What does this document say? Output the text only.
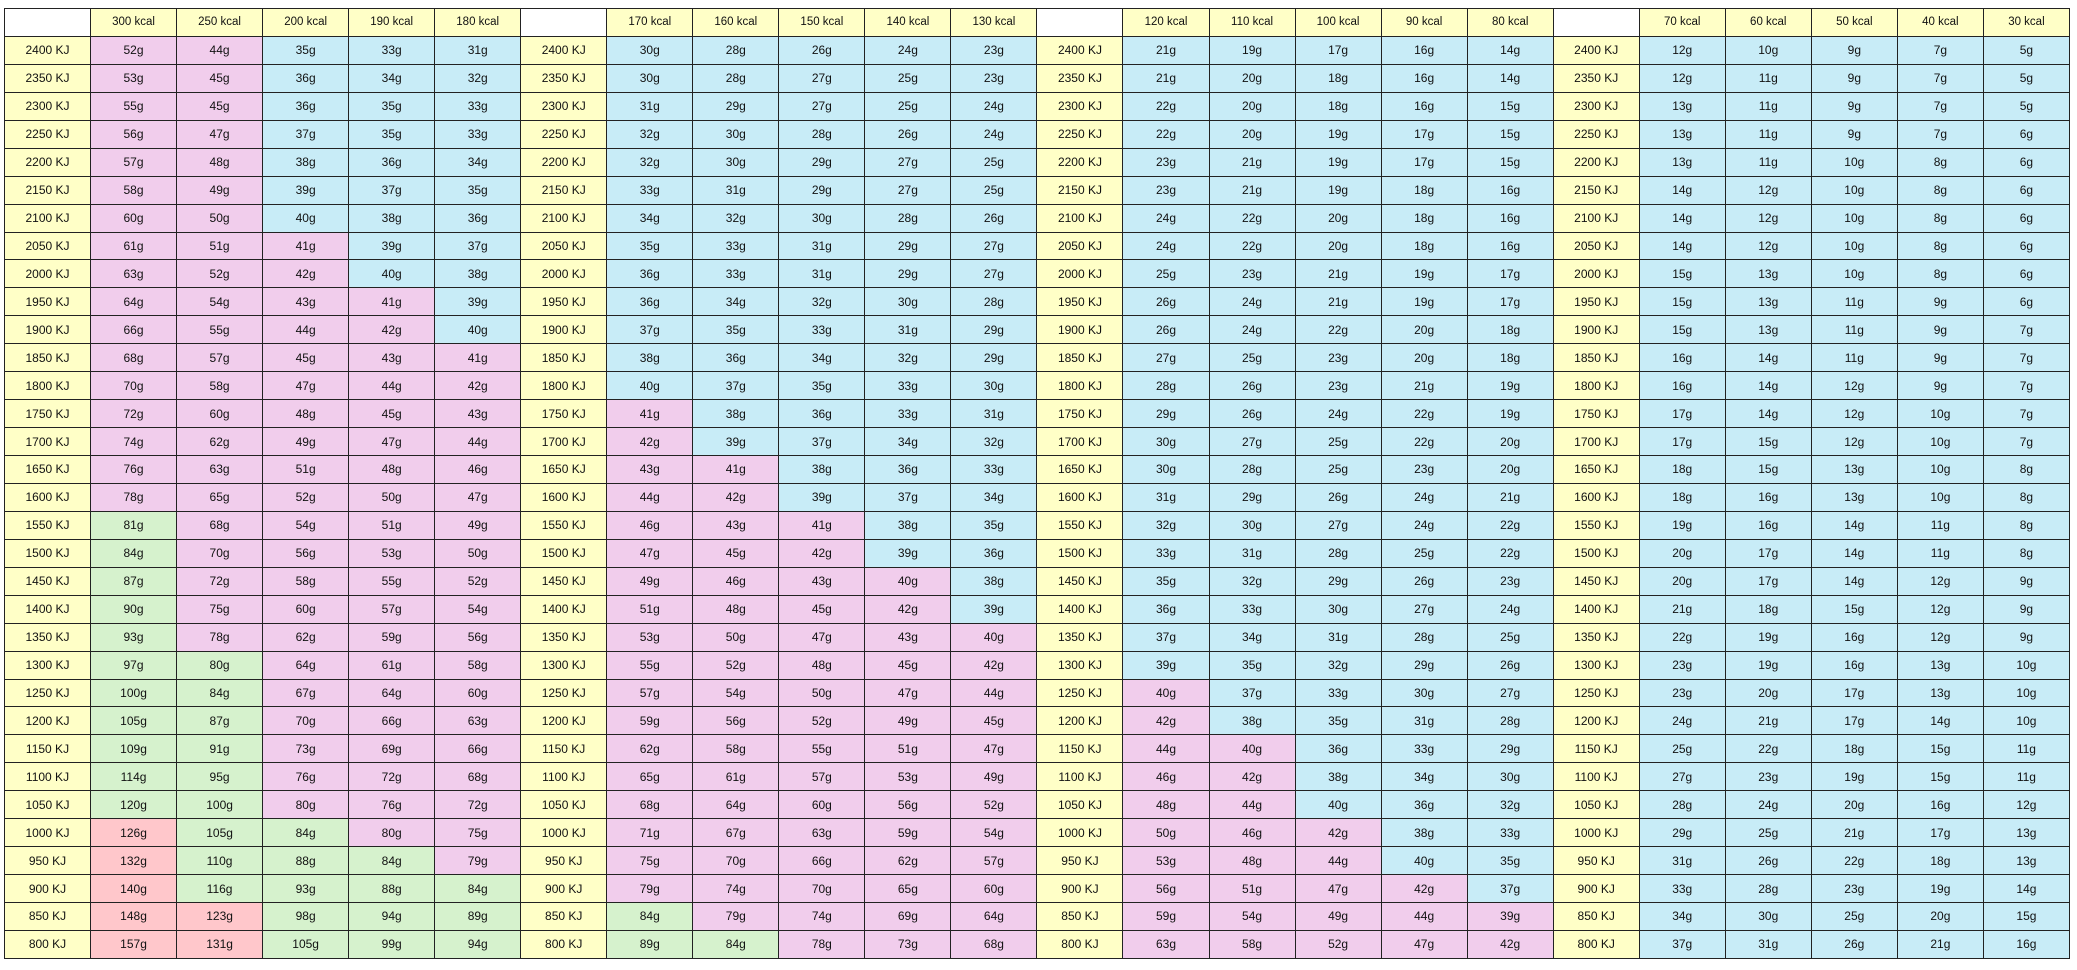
	300 kcal	250 kcal	200 kcal	190 kcal	180 kcal		170 kcal	160 kcal	150 kcal	140 kcal	130 kcal		120 kcal	110 kcal	100 kcal	90 kcal	80 kcal		70 kcal	60 kcal	50 kcal	40 kcal	30 kcal
2400 KJ	52g	44g	35g	33g	31g	2400 KJ	30g	28g	26g	24g	23g	2400 KJ	21g	19g	17g	16g	14g	2400 KJ	12g	10g	9g	7g	5g
2350 KJ	53g	45g	36g	34g	32g	2350 KJ	30g	28g	27g	25g	23g	2350 KJ	21g	20g	18g	16g	14g	2350 KJ	12g	11g	9g	7g	5g
2300 KJ	55g	45g	36g	35g	33g	2300 KJ	31g	29g	27g	25g	24g	2300 KJ	22g	20g	18g	16g	15g	2300 KJ	13g	11g	9g	7g	5g
2250 KJ	56g	47g	37g	35g	33g	2250 KJ	32g	30g	28g	26g	24g	2250 KJ	22g	20g	19g	17g	15g	2250 KJ	13g	11g	9g	7g	6g
2200 KJ	57g	48g	38g	36g	34g	2200 KJ	32g	30g	29g	27g	25g	2200 KJ	23g	21g	19g	17g	15g	2200 KJ	13g	11g	10g	8g	6g
2150 KJ	58g	49g	39g	37g	35g	2150 KJ	33g	31g	29g	27g	25g	2150 KJ	23g	21g	19g	18g	16g	2150 KJ	14g	12g	10g	8g	6g
2100 KJ	60g	50g	40g	38g	36g	2100 KJ	34g	32g	30g	28g	26g	2100 KJ	24g	22g	20g	18g	16g	2100 KJ	14g	12g	10g	8g	6g
2050 KJ	61g	51g	41g	39g	37g	2050 KJ	35g	33g	31g	29g	27g	2050 KJ	24g	22g	20g	18g	16g	2050 KJ	14g	12g	10g	8g	6g
2000 KJ	63g	52g	42g	40g	38g	2000 KJ	36g	33g	31g	29g	27g	2000 KJ	25g	23g	21g	19g	17g	2000 KJ	15g	13g	10g	8g	6g
1950 KJ	64g	54g	43g	41g	39g	1950 KJ	36g	34g	32g	30g	28g	1950 KJ	26g	24g	21g	19g	17g	1950 KJ	15g	13g	11g	9g	6g
1900 KJ	66g	55g	44g	42g	40g	1900 KJ	37g	35g	33g	31g	29g	1900 KJ	26g	24g	22g	20g	18g	1900 KJ	15g	13g	11g	9g	7g
1850 KJ	68g	57g	45g	43g	41g	1850 KJ	38g	36g	34g	32g	29g	1850 KJ	27g	25g	23g	20g	18g	1850 KJ	16g	14g	11g	9g	7g
1800 KJ	70g	58g	47g	44g	42g	1800 KJ	40g	37g	35g	33g	30g	1800 KJ	28g	26g	23g	21g	19g	1800 KJ	16g	14g	12g	9g	7g
1750 KJ	72g	60g	48g	45g	43g	1750 KJ	41g	38g	36g	33g	31g	1750 KJ	29g	26g	24g	22g	19g	1750 KJ	17g	14g	12g	10g	7g
1700 KJ	74g	62g	49g	47g	44g	1700 KJ	42g	39g	37g	34g	32g	1700 KJ	30g	27g	25g	22g	20g	1700 KJ	17g	15g	12g	10g	7g
1650 KJ	76g	63g	51g	48g	46g	1650 KJ	43g	41g	38g	36g	33g	1650 KJ	30g	28g	25g	23g	20g	1650 KJ	18g	15g	13g	10g	8g
1600 KJ	78g	65g	52g	50g	47g	1600 KJ	44g	42g	39g	37g	34g	1600 KJ	31g	29g	26g	24g	21g	1600 KJ	18g	16g	13g	10g	8g
1550 KJ	81g	68g	54g	51g	49g	1550 KJ	46g	43g	41g	38g	35g	1550 KJ	32g	30g	27g	24g	22g	1550 KJ	19g	16g	14g	11g	8g
1500 KJ	84g	70g	56g	53g	50g	1500 KJ	47g	45g	42g	39g	36g	1500 KJ	33g	31g	28g	25g	22g	1500 KJ	20g	17g	14g	11g	8g
1450 KJ	87g	72g	58g	55g	52g	1450 KJ	49g	46g	43g	40g	38g	1450 KJ	35g	32g	29g	26g	23g	1450 KJ	20g	17g	14g	12g	9g
1400 KJ	90g	75g	60g	57g	54g	1400 KJ	51g	48g	45g	42g	39g	1400 KJ	36g	33g	30g	27g	24g	1400 KJ	21g	18g	15g	12g	9g
1350 KJ	93g	78g	62g	59g	56g	1350 KJ	53g	50g	47g	43g	40g	1350 KJ	37g	34g	31g	28g	25g	1350 KJ	22g	19g	16g	12g	9g
1300 KJ	97g	80g	64g	61g	58g	1300 KJ	55g	52g	48g	45g	42g	1300 KJ	39g	35g	32g	29g	26g	1300 KJ	23g	19g	16g	13g	10g
1250 KJ	100g	84g	67g	64g	60g	1250 KJ	57g	54g	50g	47g	44g	1250 KJ	40g	37g	33g	30g	27g	1250 KJ	23g	20g	17g	13g	10g
1200 KJ	105g	87g	70g	66g	63g	1200 KJ	59g	56g	52g	49g	45g	1200 KJ	42g	38g	35g	31g	28g	1200 KJ	24g	21g	17g	14g	10g
1150 KJ	109g	91g	73g	69g	66g	1150 KJ	62g	58g	55g	51g	47g	1150 KJ	44g	40g	36g	33g	29g	1150 KJ	25g	22g	18g	15g	11g
1100 KJ	114g	95g	76g	72g	68g	1100 KJ	65g	61g	57g	53g	49g	1100 KJ	46g	42g	38g	34g	30g	1100 KJ	27g	23g	19g	15g	11g
1050 KJ	120g	100g	80g	76g	72g	1050 KJ	68g	64g	60g	56g	52g	1050 KJ	48g	44g	40g	36g	32g	1050 KJ	28g	24g	20g	16g	12g
1000 KJ	126g	105g	84g	80g	75g	1000 KJ	71g	67g	63g	59g	54g	1000 KJ	50g	46g	42g	38g	33g	1000 KJ	29g	25g	21g	17g	13g
950 KJ	132g	110g	88g	84g	79g	950 KJ	75g	70g	66g	62g	57g	950 KJ	53g	48g	44g	40g	35g	950 KJ	31g	26g	22g	18g	13g
900 KJ	140g	116g	93g	88g	84g	900 KJ	79g	74g	70g	65g	60g	900 KJ	56g	51g	47g	42g	37g	900 KJ	33g	28g	23g	19g	14g
850 KJ	148g	123g	98g	94g	89g	850 KJ	84g	79g	74g	69g	64g	850 KJ	59g	54g	49g	44g	39g	850 KJ	34g	30g	25g	20g	15g
800 KJ	157g	131g	105g	99g	94g	800 KJ	89g	84g	78g	73g	68g	800 KJ	63g	58g	52g	47g	42g	800 KJ	37g	31g	26g	21g	16g
